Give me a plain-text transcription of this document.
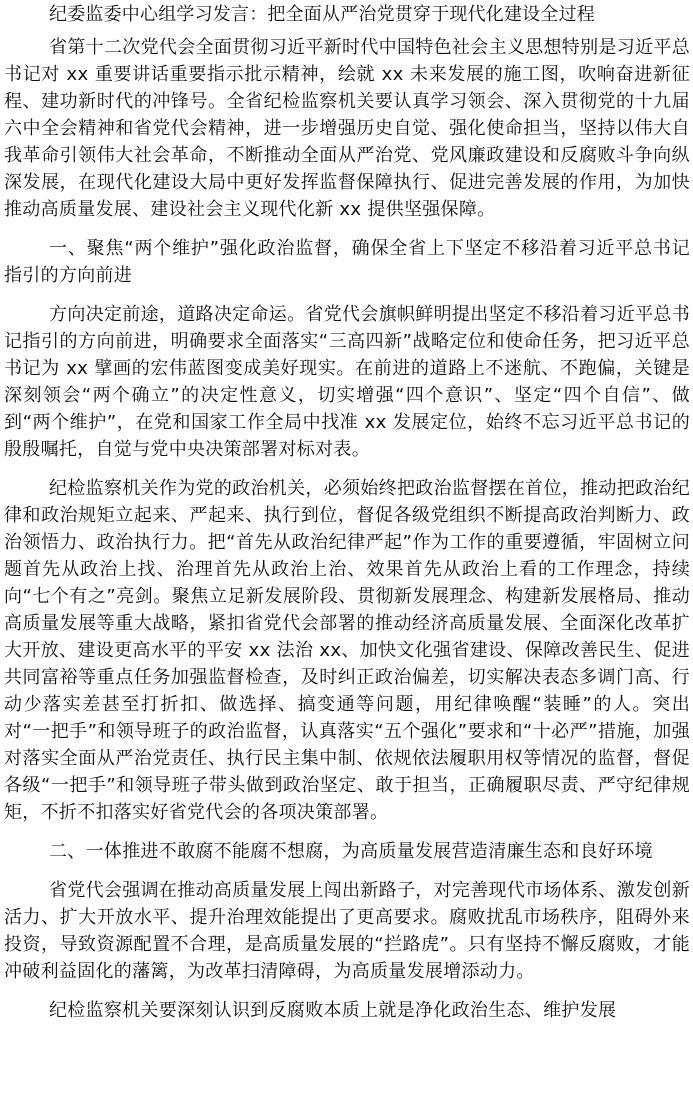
纪委监委中心组学习发言：把全面从严治党贯穿于现代化建设全过程

省第十二次党代会全面贯彻习近平新时代中国特色社会主义思想特别是习近平总书记对 xx 重要讲话重要指示批示精神，绘就 xx 未来发展的施工图，吹响奋进新征程、建功新时代的冲锋号。全省纪检监察机关要认真学习领会、深入贯彻党的十九届六中全会精神和省党代会精神，进一步增强历史自觉、强化使命担当，坚持以伟大自我革命引领伟大社会革命，不断推动全面从严治党、党风廉政建设和反腐败斗争向纵深发展，在现代化建设大局中更好发挥监督保障执行、促进完善发展的作用，为加快推动高质量发展、建设社会主义现代化新 xx 提供坚强保障。

一、聚焦“两个维护”强化政治监督，确保全省上下坚定不移沿着习近平总书记指引的方向前进

方向决定前途，道路决定命运。省党代会旗帜鲜明提出坚定不移沿着习近平总书记指引的方向前进，明确要求全面落实“三高四新”战略定位和使命任务，把习近平总书记为 xx 擘画的宏伟蓝图变成美好现实。在前进的道路上不迷航、不跑偏，关键是深刻领会“两个确立”的决定性意义，切实增强“四个意识”、坚定“四个自信”、做到“两个维护”，在党和国家工作全局中找准 xx 发展定位，始终不忘习近平总书记的殷殷嘱托，自觉与党中央决策部署对标对表。

纪检监察机关作为党的政治机关，必须始终把政治监督摆在首位，推动把政治纪律和政治规矩立起来、严起来、执行到位，督促各级党组织不断提高政治判断力、政治领悟力、政治执行力。把“首先从政治纪律严起”作为工作的重要遵循，牢固树立问题首先从政治上找、治理首先从政治上治、效果首先从政治上看的工作理念，持续向“七个有之”亮剑。聚焦立足新发展阶段、贯彻新发展理念、构建新发展格局、推动高质量发展等重大战略，紧扣省党代会部署的推动经济高质量发展、全面深化改革扩大开放、建设更高水平的平安 xx 法治 xx、加快文化强省建设、保障改善民生、促进共同富裕等重点任务加强监督检查，及时纠正政治偏差，切实解决表态多调门高、行动少落实差甚至打折扣、做选择、搞变通等问题，用纪律唤醒“装睡”的人。突出对“一把手”和领导班子的政治监督，认真落实“五个强化”要求和“十必严”措施，加强对落实全面从严治党责任、执行民主集中制、依规依法履职用权等情况的监督，督促各级“一把手”和领导班子带头做到政治坚定、敢于担当，正确履职尽责、严守纪律规矩，不折不扣落实好省党代会的各项决策部署。

二、一体推进不敢腐不能腐不想腐，为高质量发展营造清廉生态和良好环境

省党代会强调在推动高质量发展上闯出新路子，对完善现代市场体系、激发创新活力、扩大开放水平、提升治理效能提出了更高要求。腐败扰乱市场秩序，阻碍外来投资，导致资源配置不合理，是高质量发展的“拦路虎”。只有坚持不懈反腐败，才能冲破利益固化的藩篱，为改革扫清障碍，为高质量发展增添动力。

纪检监察机关要深刻认识到反腐败本质上就是净化政治生态、维护发展
